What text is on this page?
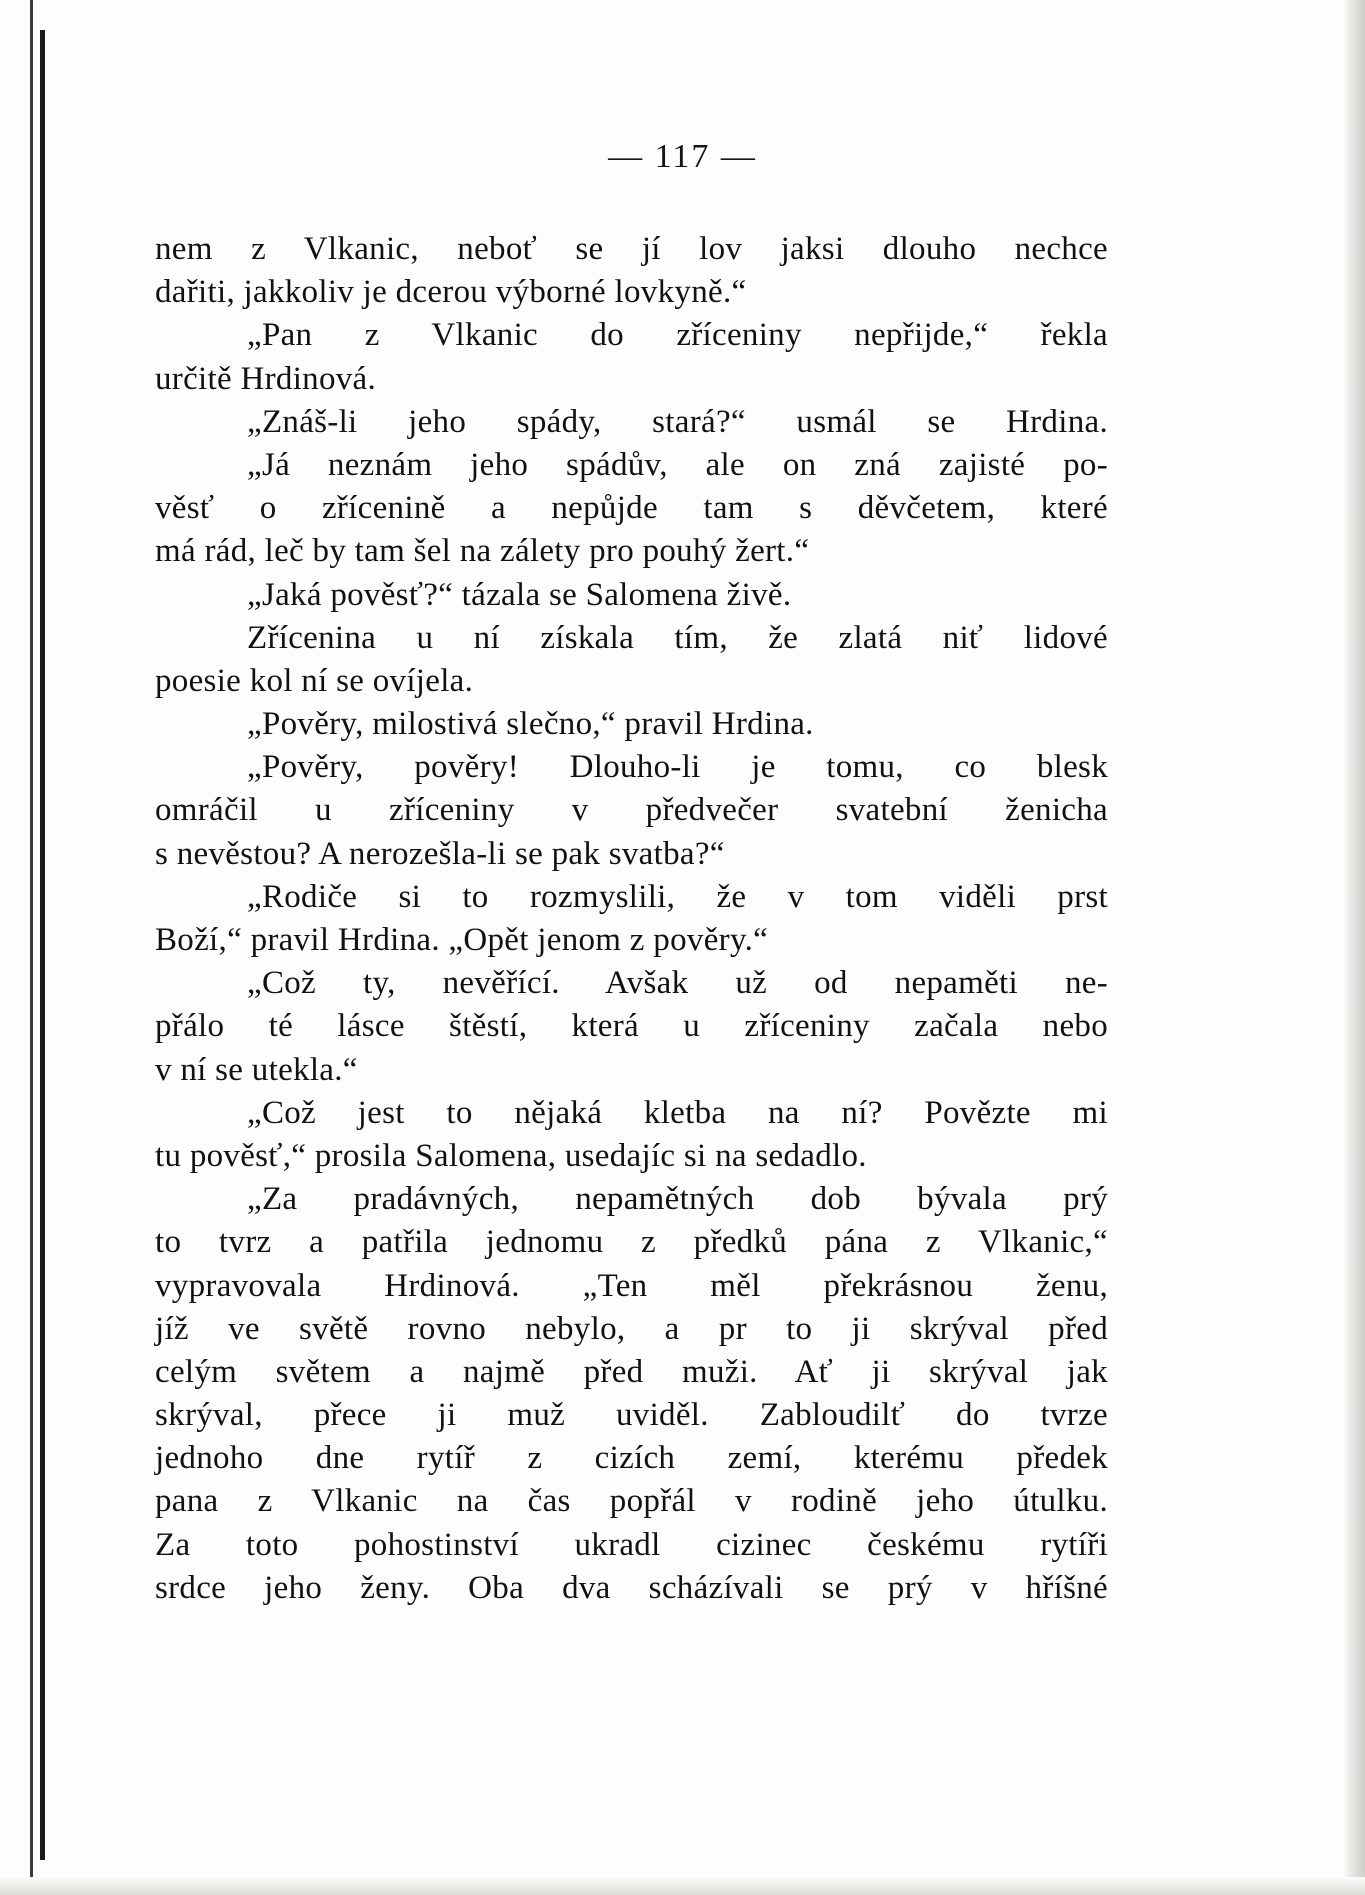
— 117 —
nem z Vlkanic, neboť se jí lov jaksi dlouho nechce
dařiti, jakkoliv je dcerou výborné lovkyně.“
„Pan z Vlkanic do zříceniny nepřijde,“ řekla
určitě Hrdinová.
„Znáš-li jeho spády, stará?“ usmál se Hrdina.
„Já neznám jeho spádův, ale on zná zajisté po-
věsť o zřícenině a nepůjde tam s děvčetem, které
má rád, leč by tam šel na zálety pro pouhý žert.“
„Jaká pověsť?“ tázala se Salomena živě.
Zřícenina u ní získala tím, že zlatá niť lidové
poesie kol ní se ovíjela.
„Pověry, milostivá slečno,“ pravil Hrdina.
„Pověry, pověry! Dlouho-li je tomu, co blesk
omráčil u zříceniny v předvečer svatební ženicha
s nevěstou? A nerozešla-li se pak svatba?“
„Rodiče si to rozmyslili, že v tom viděli prst
Boží,“ pravil Hrdina. „Opět jenom z pověry.“
„Což ty, nevěřící. Avšak už od nepaměti ne-
přálo té lásce štěstí, která u zříceniny začala nebo
v ní se utekla.“
„Což jest to nějaká kletba na ní? Povězte mi
tu pověsť,“ prosila Salomena, usedajíc si na sedadlo.
„Za pradávných, nepamětných dob bývala prý
to tvrz a patřila jednomu z předků pána z Vlkanic,“
vypravovala Hrdinová. „Ten měl překrásnou ženu,
jíž ve světě rovno nebylo, a pr to ji skrýval před
celým světem a najmě před muži. Ať ji skrýval jak
skrýval, přece ji muž uviděl. Zabloudilť do tvrze
jednoho dne rytíř z cizích zemí, kterému předek
pana z Vlkanic na čas popřál v rodině jeho útulku.
Za toto pohostinství ukradl cizinec českému rytíři
srdce jeho ženy. Oba dva scházívali se prý v hříšné
